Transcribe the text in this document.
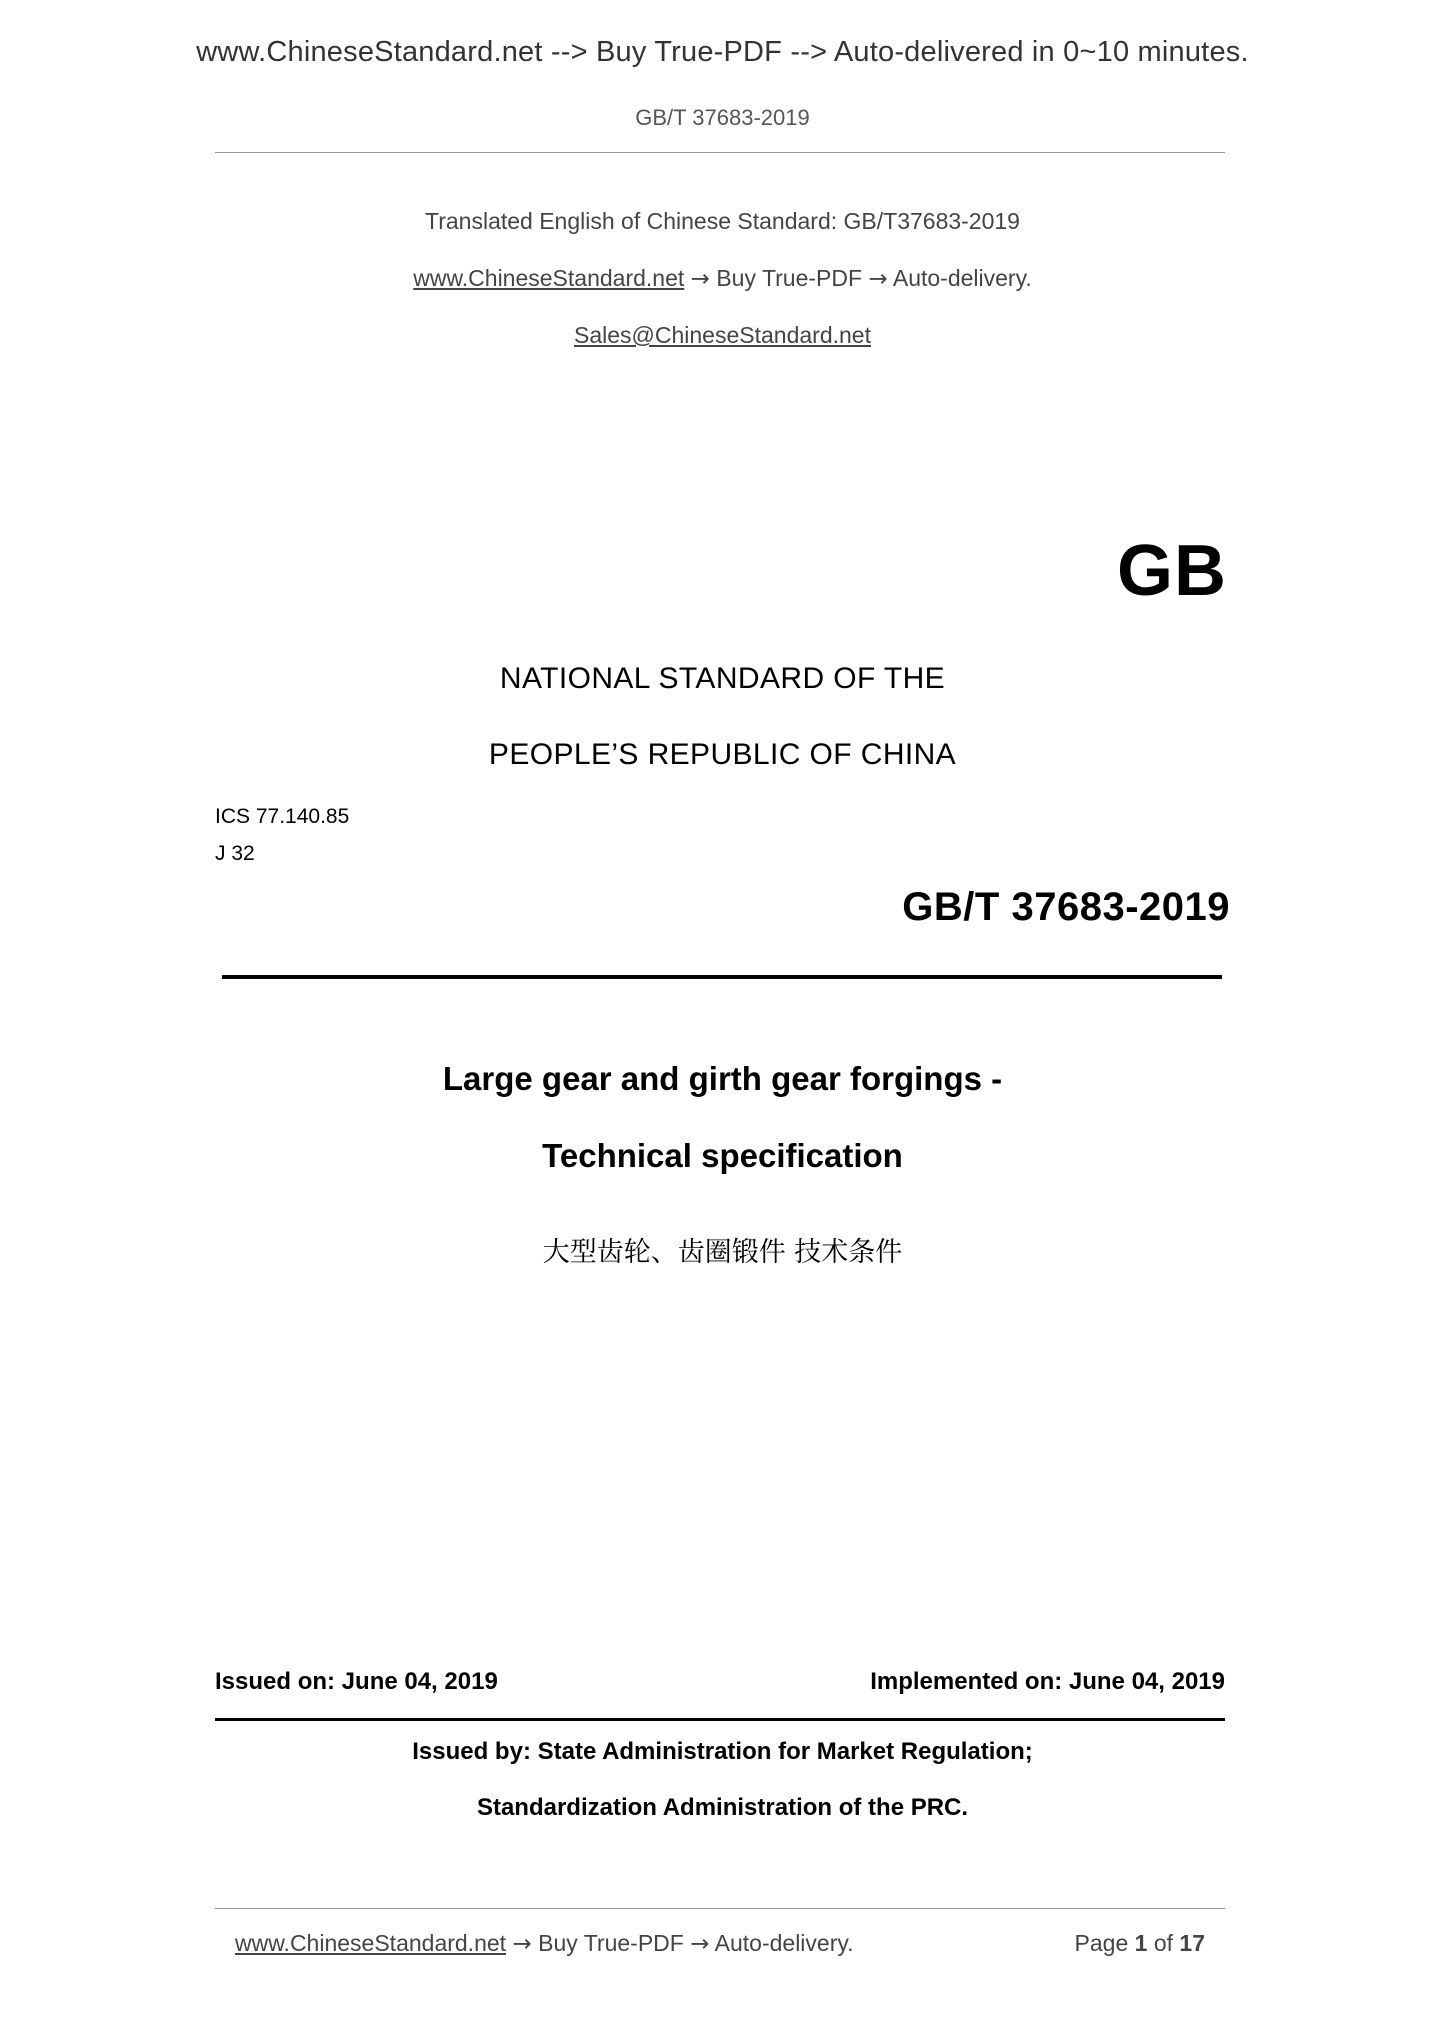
www.ChineseStandard.net --> Buy True-PDF --> Auto-delivered in 0~10 minutes.
GB/T 37683-2019
Translated English of Chinese Standard: GB/T37683-2019
www.ChineseStandard.net → Buy True-PDF → Auto-delivery.
Sales@ChineseStandard.net
GB
NATIONAL STANDARD OF THE
PEOPLE’S REPUBLIC OF CHINA
ICS 77.140.85
J 32
GB/T 37683-2019
Large gear and girth gear forgings -
Technical specification
大型齿轮、齿圈锻件 技术条件
Issued on: June 04, 2019	Implemented on: June 04, 2019
Issued by: State Administration for Market Regulation;
Standardization Administration of the PRC.
www.ChineseStandard.net → Buy True-PDF → Auto-delivery.	Page 1 of 17
